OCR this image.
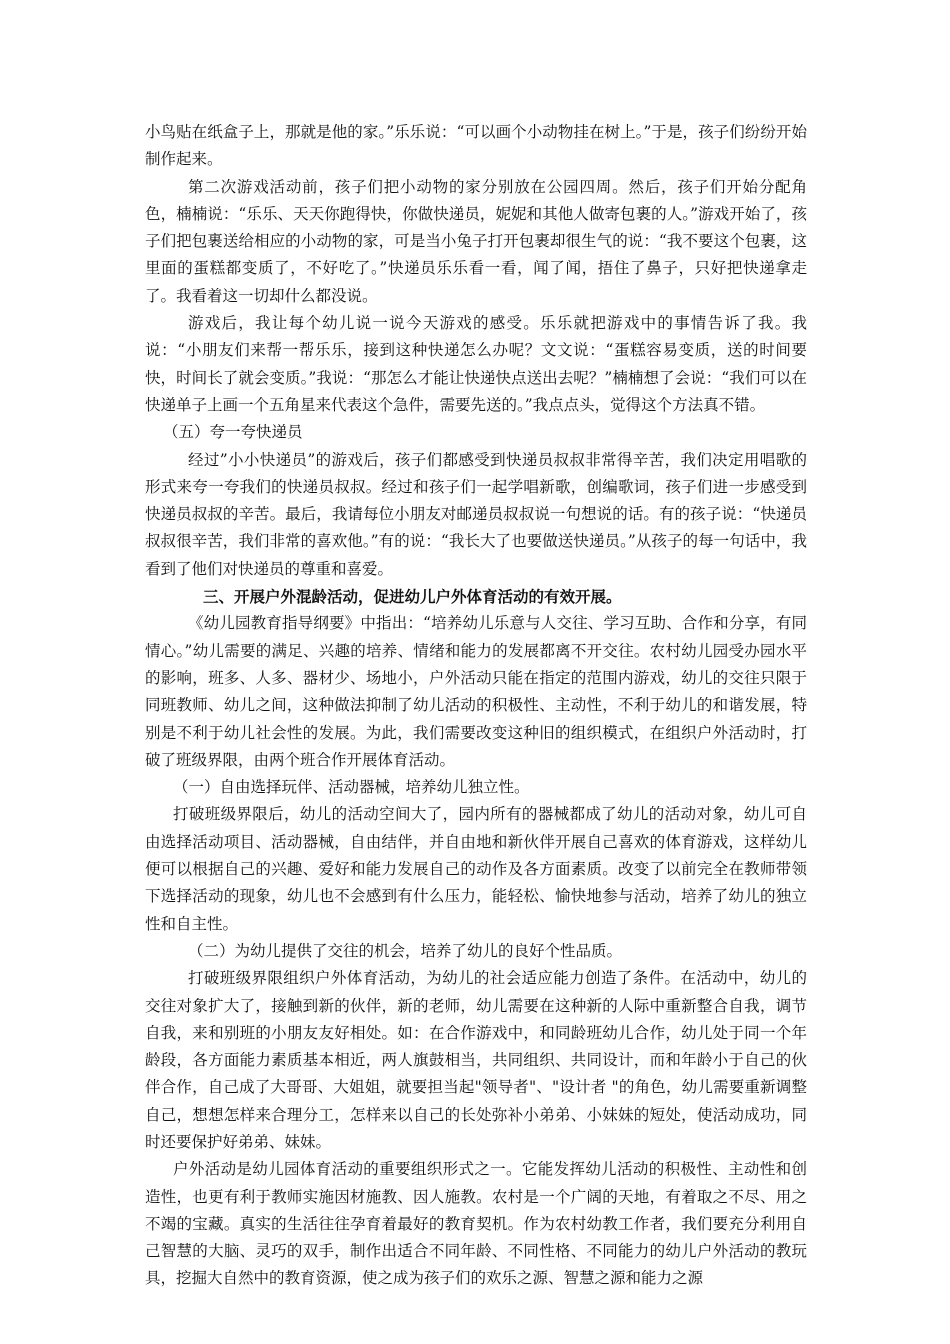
小鸟贴在纸盒子上，那就是他的家。”乐乐说：“可以画个小动物挂在树上。”于是，孩子们纷纷开始制作起来。

第二次游戏活动前，孩子们把小动物的家分别放在公园四周。然后，孩子们开始分配角色，楠楠说：“乐乐、天天你跑得快，你做快递员，妮妮和其他人做寄包裹的人。”游戏开始了，孩子们把包裹送给相应的小动物的家，可是当小兔子打开包裹却很生气的说：“我不要这个包裹，这里面的蛋糕都变质了，不好吃了。”快递员乐乐看一看，闻了闻，捂住了鼻子，只好把快递拿走了。我看着这一切却什么都没说。

游戏后，我让每个幼儿说一说今天游戏的感受。乐乐就把游戏中的事情告诉了我。我说：“小朋友们来帮一帮乐乐，接到这种快递怎么办呢？文文说：“蛋糕容易变质，送的时间要快，时间长了就会变质。”我说：“那怎么才能让快递快点送出去呢？”楠楠想了会说：“我们可以在快递单子上画一个五角星来代表这个急件，需要先送的。”我点点头，觉得这个方法真不错。

（五）夸一夸快递员

经过”小小快递员”的游戏后，孩子们都感受到快递员叔叔非常得辛苦，我们决定用唱歌的形式来夸一夸我们的快递员叔叔。经过和孩子们一起学唱新歌，创编歌词，孩子们进一步感受到快递员叔叔的辛苦。最后，我请每位小朋友对邮递员叔叔说一句想说的话。有的孩子说：“快递员叔叔很辛苦，我们非常的喜欢他。”有的说：“我长大了也要做送快递员。”从孩子的每一句话中，我看到了他们对快递员的尊重和喜爱。

三、开展户外混龄活动，促进幼儿户外体育活动的有效开展。

《幼儿园教育指导纲要》中指出：“培养幼儿乐意与人交往、学习互助、合作和分享，有同情心。”幼儿需要的满足、兴趣的培养、情绪和能力的发展都离不开交往。农村幼儿园受办园水平的影响，班多、人多、器材少、场地小，户外活动只能在指定的范围内游戏，幼儿的交往只限于同班教师、幼儿之间，这种做法抑制了幼儿活动的积极性、主动性，不利于幼儿的和谐发展，特别是不利于幼儿社会性的发展。为此，我们需要改变这种旧的组织模式，在组织户外活动时，打破了班级界限，由两个班合作开展体育活动。

（一）自由选择玩伴、活动器械，培养幼儿独立性。

打破班级界限后，幼儿的活动空间大了，园内所有的器械都成了幼儿的活动对象，幼儿可自由选择活动项目、活动器械，自由结伴，并自由地和新伙伴开展自己喜欢的体育游戏，这样幼儿便可以根据自己的兴趣、爱好和能力发展自己的动作及各方面素质。改变了以前完全在教师带领下选择活动的现象，幼儿也不会感到有什么压力，能轻松、愉快地参与活动，培养了幼儿的独立性和自主性。

（二）为幼儿提供了交往的机会，培养了幼儿的良好个性品质。

打破班级界限组织户外体育活动，为幼儿的社会适应能力创造了条件。在活动中，幼儿的交往对象扩大了，接触到新的伙伴，新的老师，幼儿需要在这种新的人际中重新整合自我，调节自我，来和别班的小朋友友好相处。如：在合作游戏中，和同龄班幼儿合作，幼儿处于同一个年龄段，各方面能力素质基本相近，两人旗鼓相当，共同组织、共同设计，而和年龄小于自己的伙伴合作，自己成了大哥哥、大姐姐，就要担当起"领导者"、"设计者 "的角色，幼儿需要重新调整自己，想想怎样来合理分工，怎样来以自己的长处弥补小弟弟、小妹妹的短处，使活动成功，同时还要保护好弟弟、妹妹。

户外活动是幼儿园体育活动的重要组织形式之一。它能发挥幼儿活动的积极性、主动性和创造性，也更有利于教师实施因材施教、因人施教。农村是一个广阔的天地，有着取之不尽、用之不竭的宝藏。真实的生活往往孕育着最好的教育契机。作为农村幼教工作者，我们要充分利用自己智慧的大脑、灵巧的双手，制作出适合不同年龄、不同性格、不同能力的幼儿户外活动的教玩具，挖掘大自然中的教育资源，使之成为孩子们的欢乐之源、智慧之源和能力之源
